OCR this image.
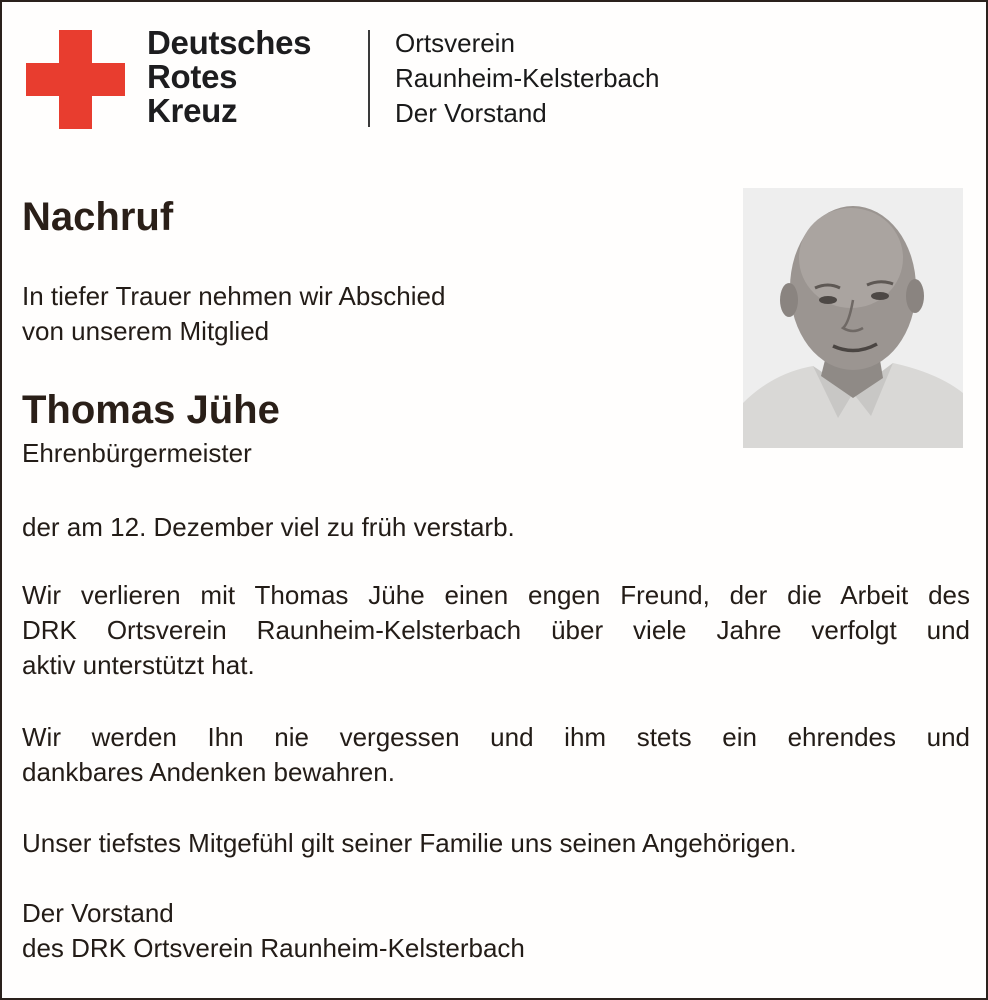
Deutsches
Rotes
Kreuz
Ortsverein
Raunheim-Kelsterbach
Der Vorstand
Nachruf
In tiefer Trauer nehmen wir Abschied
von unserem Mitglied
Thomas Jühe
Ehrenbürgermeister
der am 12. Dezember viel zu früh verstarb.
Wir verlieren mit Thomas Jühe einen engen Freund, der die Arbeit des
DRK Ortsverein Raunheim-Kelsterbach über viele Jahre verfolgt und
aktiv unterstützt hat.
Wir werden Ihn nie vergessen und ihm stets ein ehrendes und
dankbares Andenken bewahren.
Unser tiefstes Mitgefühl gilt seiner Familie uns seinen Angehörigen.
Der Vorstand
des DRK Ortsverein Raunheim-Kelsterbach
